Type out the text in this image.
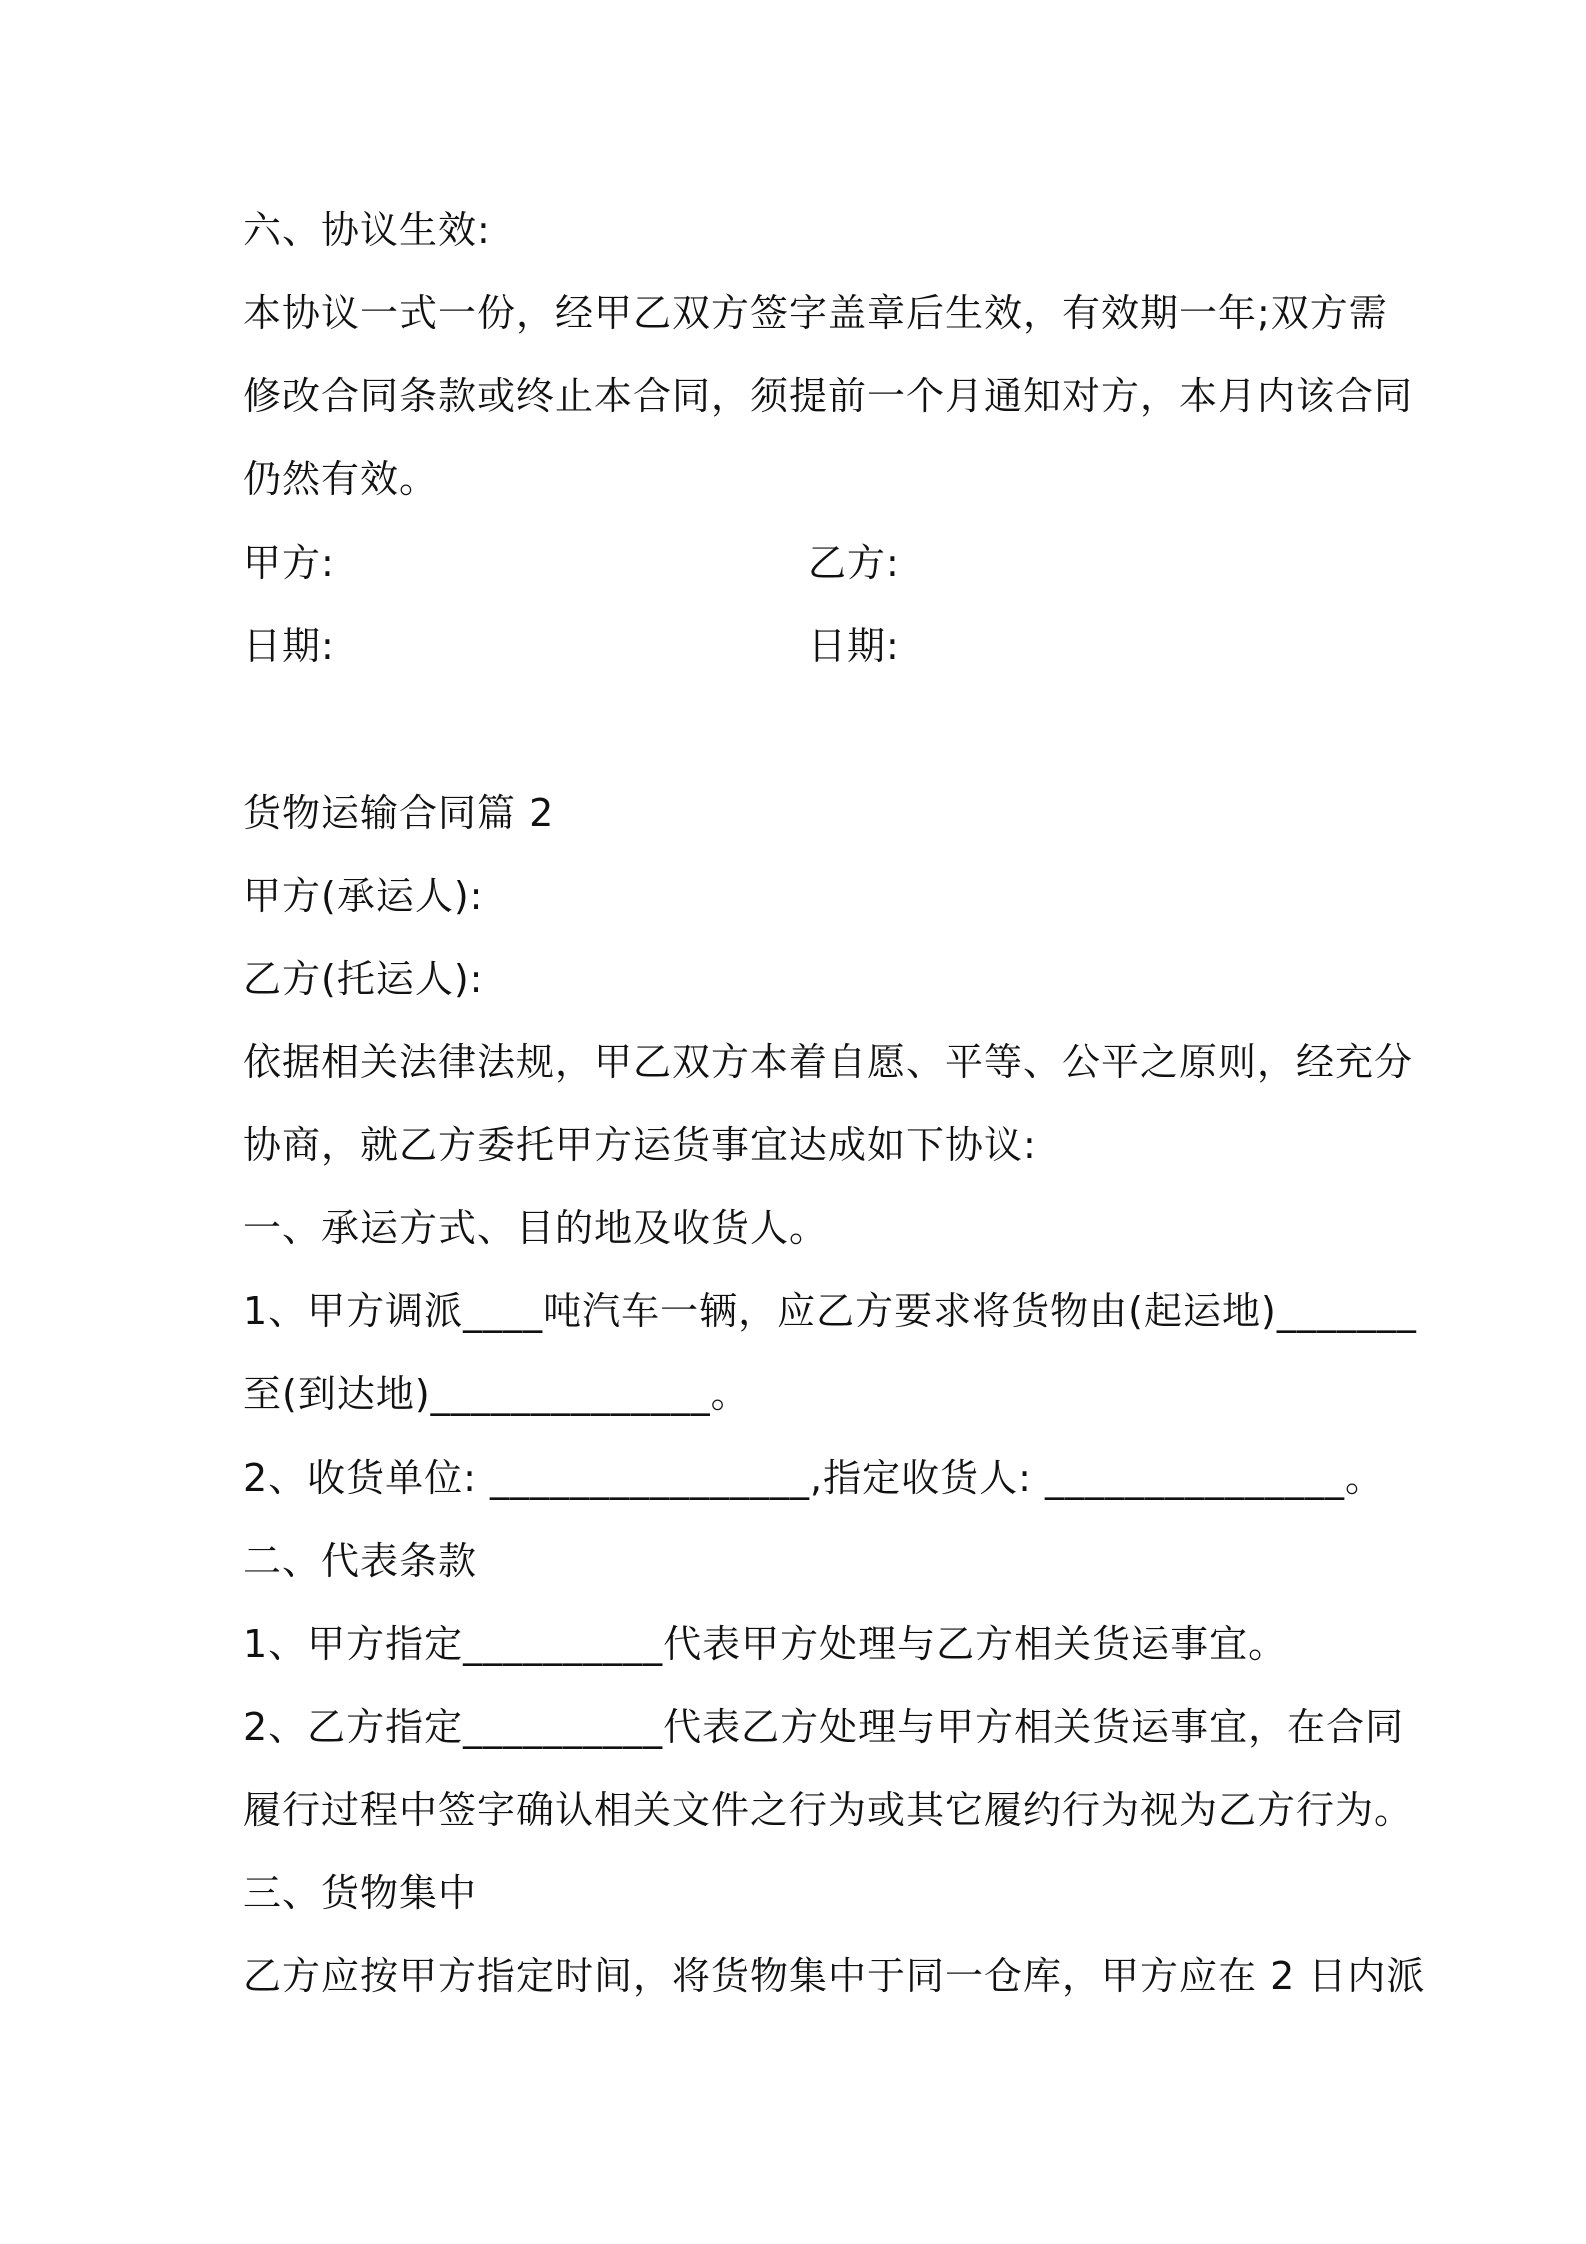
六、协议生效:
本协议一式一份，经甲乙双方签字盖章后生效，有效期一年;双方需
修改合同条款或终止本合同，须提前一个月通知对方，本月内该合同
仍然有效。
甲方:	乙方:
日期:	日期:
货物运输合同篇 2
甲方(承运人):
乙方(托运人):
依据相关法律法规，甲乙双方本着自愿、平等、公平之原则，经充分
协商，就乙方委托甲方运货事宜达成如下协议:
一、承运方式、目的地及收货人。
1、甲方调派____吨汽车一辆，应乙方要求将货物由(起运地)_______
至(到达地)______________。
2、收货单位: ________________,指定收货人: _______________。
二、代表条款
1、甲方指定__________代表甲方处理与乙方相关货运事宜。
2、乙方指定__________代表乙方处理与甲方相关货运事宜，在合同
履行过程中签字确认相关文件之行为或其它履约行为视为乙方行为。
三、货物集中
乙方应按甲方指定时间，将货物集中于同一仓库，甲方应在 2 日内派
